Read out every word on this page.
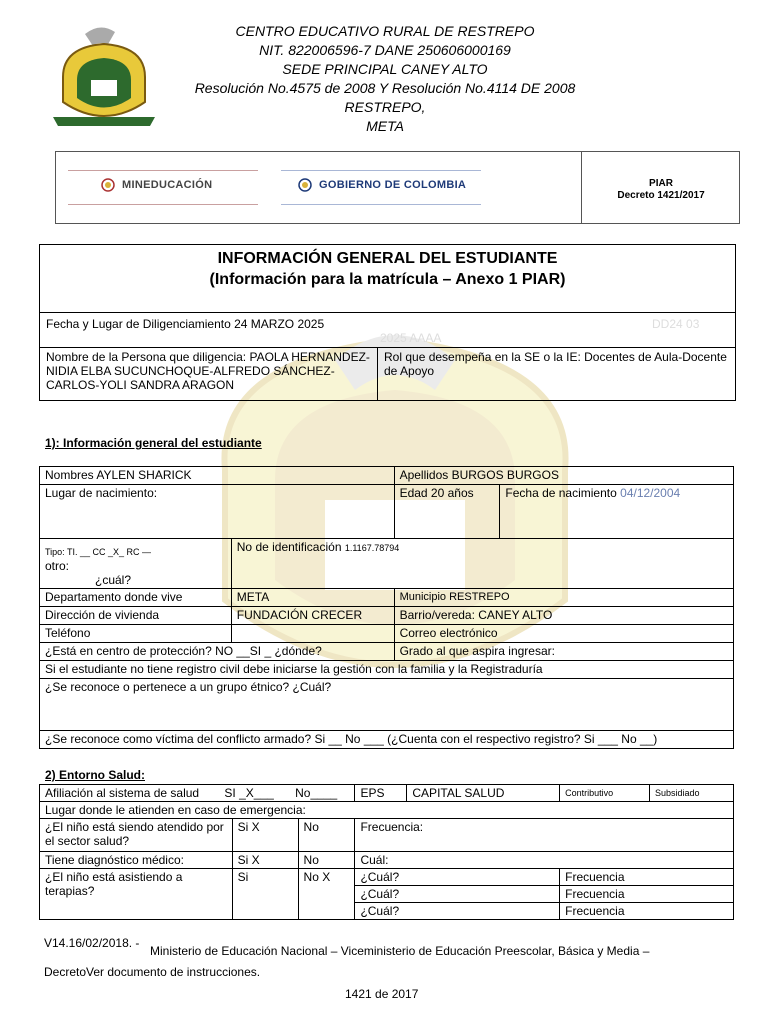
CENTRO EDUCATIVO RURAL DE RESTREPO
NIT. 822006596-7 DANE 250606000169
SEDE PRINCIPAL CANEY ALTO
Resolución No.4575 de 2008 Y Resolución No.4114 DE 2008
RESTREPO,
META
MINEDUCACIÓN	GOBIERNO DE COLOMBIA	PIAR
Decreto 1421/2017
INFORMACIÓN GENERAL DEL ESTUDIANTE
(Información para la matrícula – Anexo 1 PIAR)
Fecha y Lugar de Diligenciamiento 24 MARZO 2025
2025 AAAA
DD24 03
Nombre de la Persona que diligencia: PAOLA HERNANDEZ- NIDIA ELBA SUCUNCHOQUE-ALFREDO SÁNCHEZ-CARLOS-YOLI SANDRA ARAGON
Rol que desempeña en la SE o la IE: Docentes de Aula-Docente de Apoyo
1): Información general del estudiante
Nombres AYLEN SHARICK		Apellidos BURGOS BURGOS	
Lugar de nacimiento:		Edad 20 años	Fecha de nacimiento 04/12/2004

Tipo: TI. __ CC _X_ RC —
otro:
¿cuál?	No de identificación 1.1167.78794		
Departamento donde vive	META	Municipio RESTREPO	
Dirección de vivienda	FUNDACIÓN CRECER	Barrio/vereda: CANEY ALTO	
Teléfono		Correo electrónico	
¿Está en centro de protección? NO __SI _ ¿dónde?		Grado al que aspira ingresar:	
Si el estudiante no tiene registro civil debe iniciarse la gestión con la familia y la Registraduría			
¿Se reconoce o pertenece a un grupo étnico? ¿Cuál?			
¿Se reconoce como víctima del conflicto armado? Si __ No ___ (¿Cuenta con el respectivo registro? Si ___ No __)			
2) Entorno Salud:
Afiliación al sistema de salud SI _X___ No____			EPS	CAPITAL SALUD	Contributivo	Subsidiado
Lugar donde le atienden en caso de emergencia:						
¿El niño está siendo atendido por el sector salud?	Si X	No	Frecuencia:			
Tiene diagnóstico médico:	Si X	No	Cuál:			
¿El niño está asistiendo a terapias?	Si	No X	¿Cuál?		Frecuencia	
			¿Cuál?		Frecuencia	
			¿Cuál?		Frecuencia	
V14.16/02/2018. -
Ministerio de Educación Nacional – Viceministerio de Educación Preescolar, Básica y Media –
DecretoVer documento de instrucciones.
1421 de 2017
